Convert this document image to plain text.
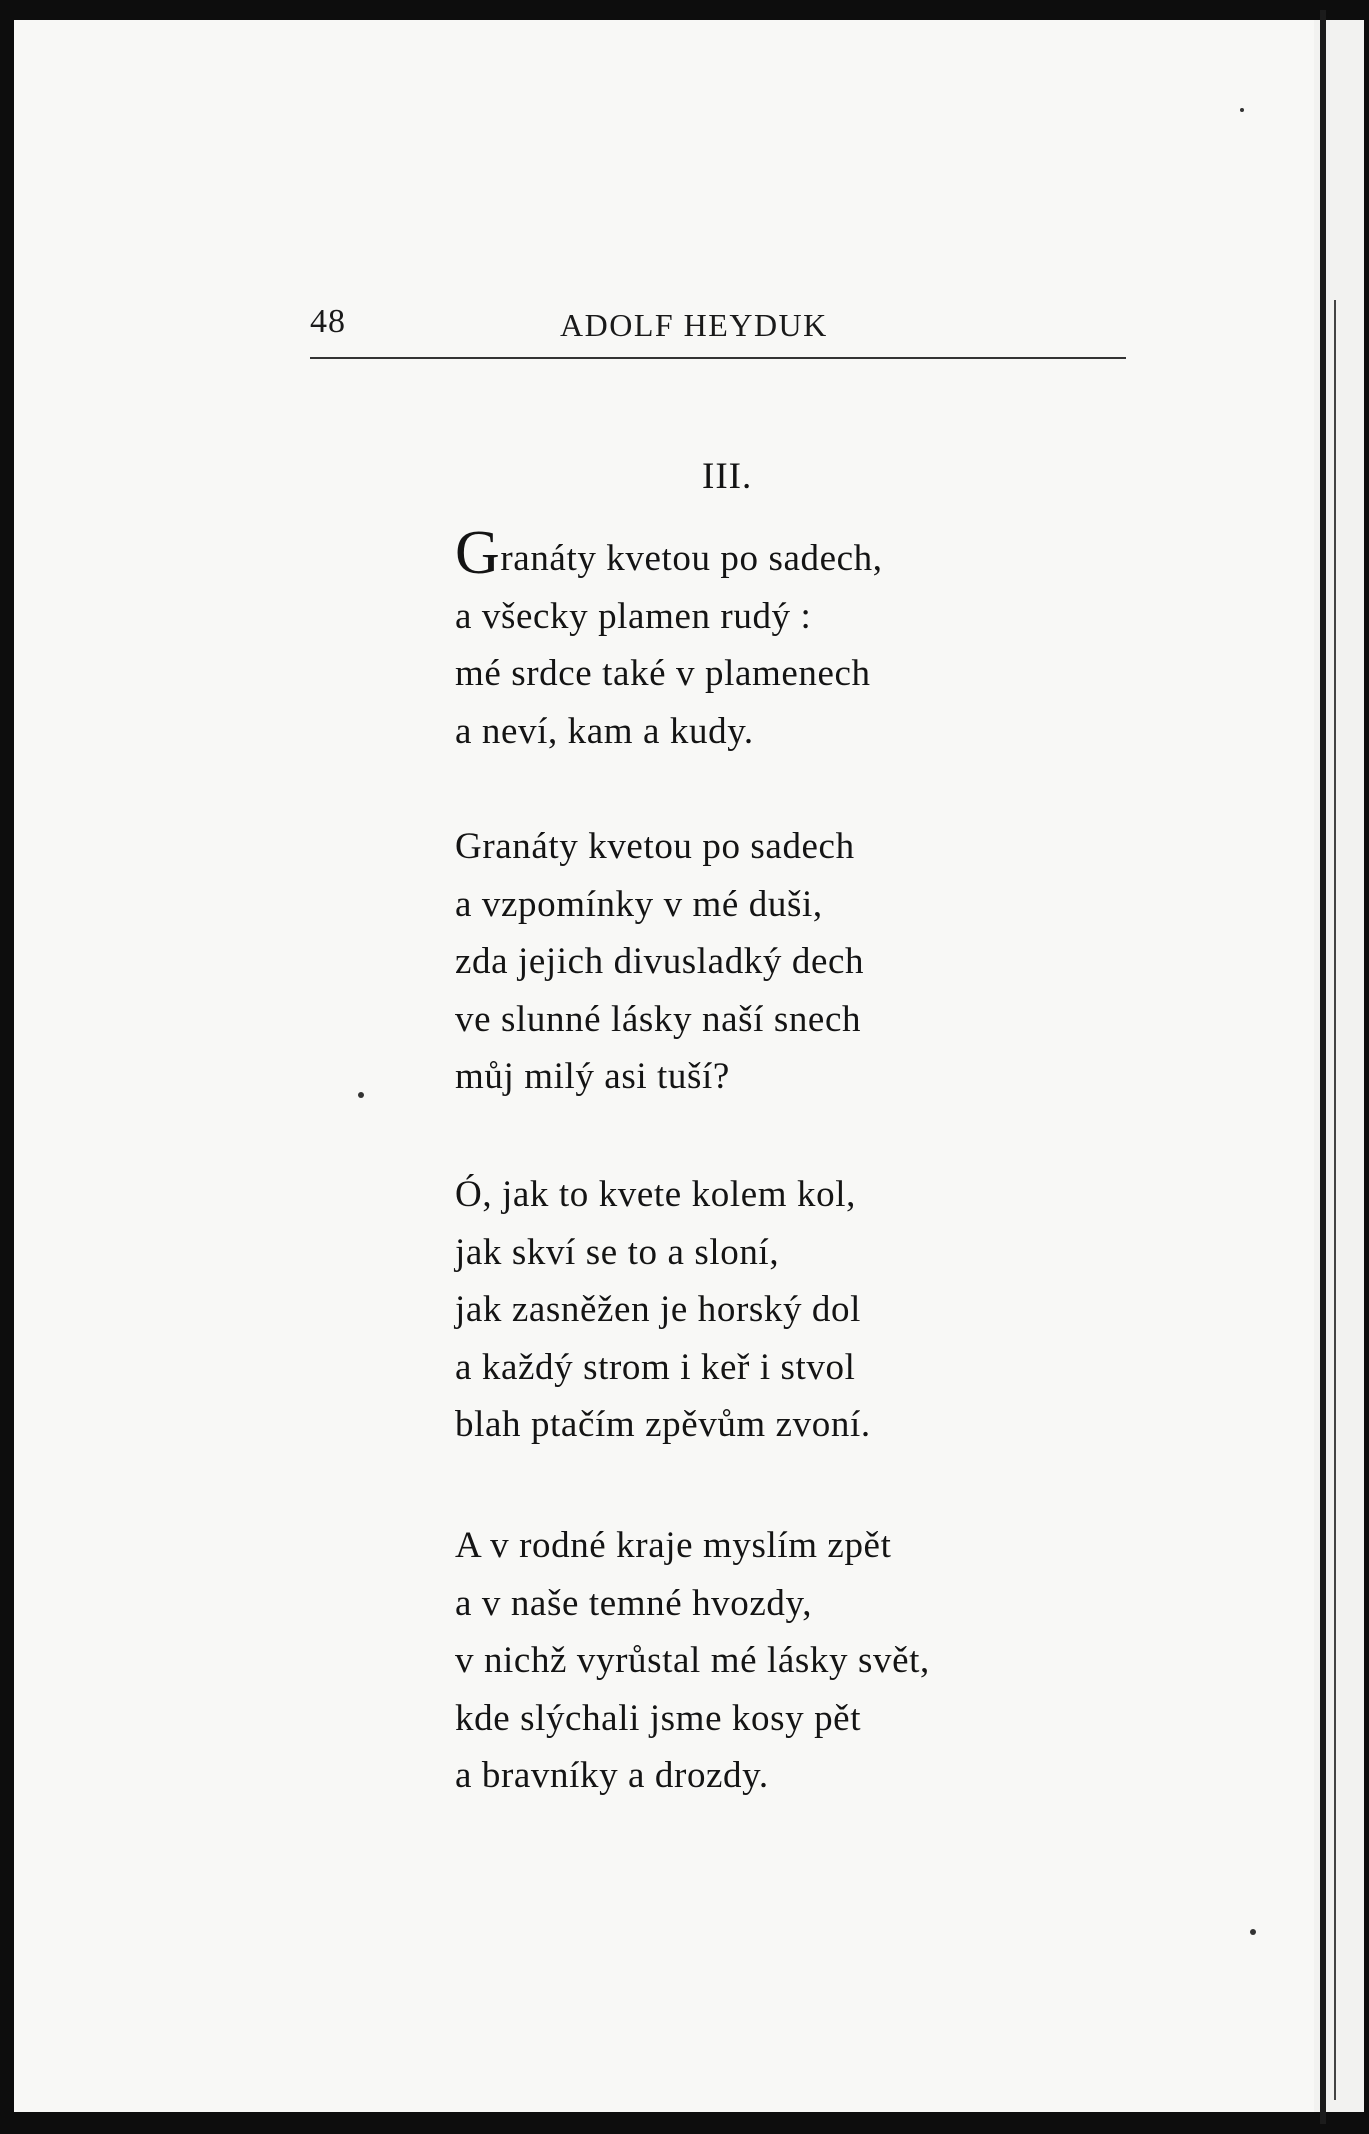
48	ADOLF HEYDUK
III.
Granáty kvetou po sadech,
a všecky plamen rudý :
mé srdce také v plamenech
a neví, kam a kudy.
Granáty kvetou po sadech
a vzpomínky v mé duši,
zda jejich divusladký dech
ve slunné lásky naší snech
můj milý asi tuší?
Ó, jak to kvete kolem kol,
jak skví se to a sloní,
jak zasněžen je horský dol
a každý strom i keř i stvol
blah ptačím zpěvům zvoní.
A v rodné kraje myslím zpět
a v naše temné hvozdy,
v nichž vyrůstal mé lásky svět,
kde slýchali jsme kosy pět
a bravníky a drozdy.
